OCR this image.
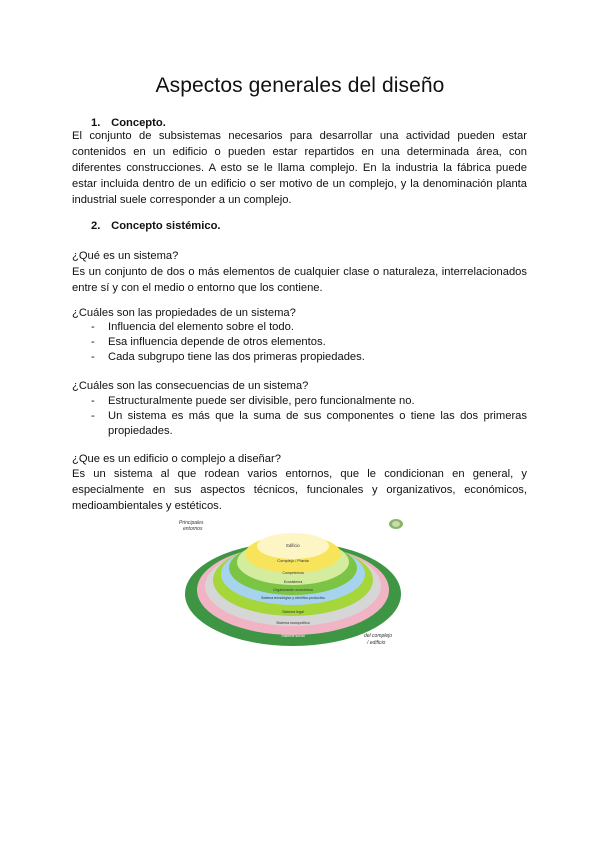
Aspectos generales del diseño
1. Concepto.

El conjunto de subsistemas necesarios para desarrollar una actividad pueden estar contenidos en un edificio o pueden estar repartidos en una determinada área, con diferentes construcciones. A esto se le llama complejo. En la industria la fábrica puede estar incluida dentro de un edificio o ser motivo de un complejo, y la denominación planta industrial suele corresponder a un complejo.

2. Concepto sistémico.

¿Qué es un sistema?

Es un conjunto de dos o más elementos de cualquier clase o naturaleza, interrelacionados entre sí y con el medio o entorno que los contiene.

¿Cuáles son las propiedades de un sistema?

- Influencia del elemento sobre el todo.
- Esa influencia depende de otros elementos.
- Cada subgrupo tiene las dos primeras propiedades.

¿Cuáles son las consecuencias de un sistema?

- Estructuralmente puede ser divisible, pero funcionalmente no.
- Un sistema es más que la suma de sus componentes o tiene las dos primeras propiedades.

¿Que es un edificio o complejo a diseñar?

Es un sistema al que rodean varios entornos, que le condicionan en general, y especialmente en sus aspectos técnicos, funcionales y organizativos, económicos, medioambientales y estéticos.

Edificio
Complejo / Planta
Competencia
Ecosistema
Organización económica
Sistema tecnológico y científico-productivo
Sistema legal
Sistema sociopolítico
Sistema social
Principales
entornos
del complejo
/ edificio
